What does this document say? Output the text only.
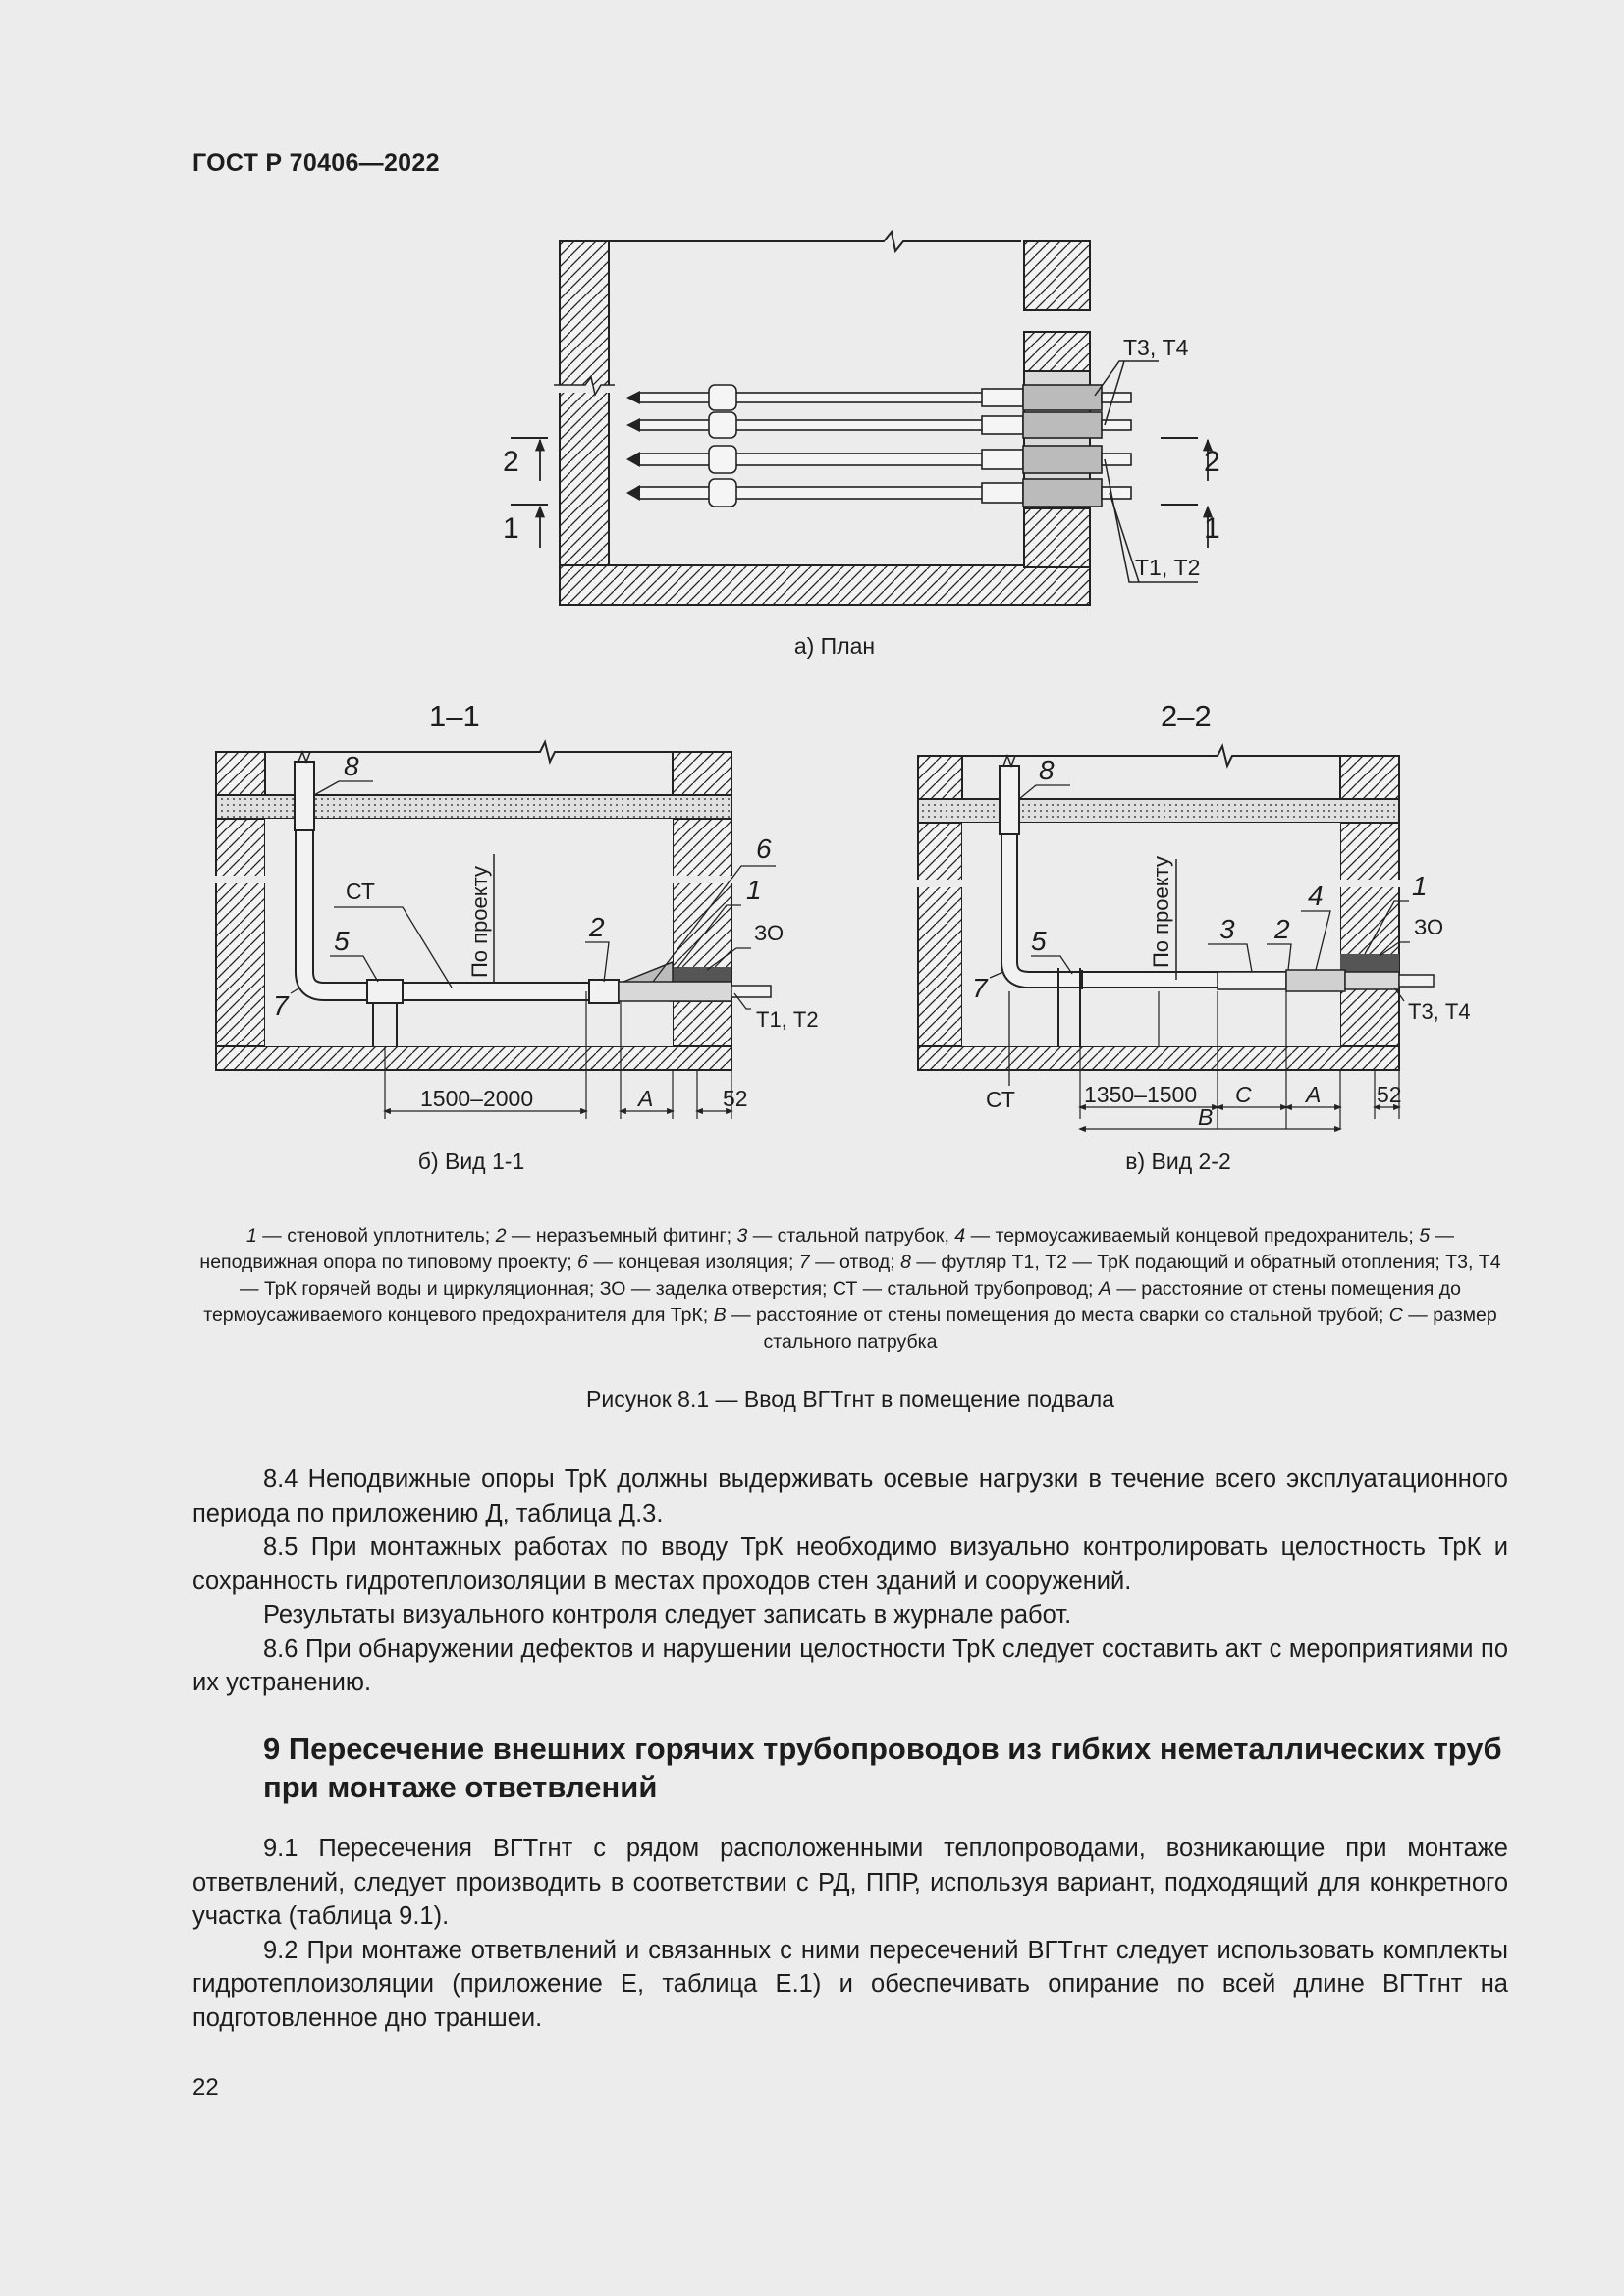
ГОСТ Р 70406—2022
Т3, Т4
Т1, Т2
2
1
2
1
а) План
1–1
По проекту
СТ
8
5
7
2
6
1
ЗО
Т1, Т2
1500–2000	А	52
б) Вид 1-1
2–2
По проекту
8
5
7
СТ
3 2
4	1
ЗО
Т3, Т4
1350–1500 С А
В
52
в) Вид 2-2
1 — стеновой уплотнитель; 2 — неразъемный фитинг; 3 — стальной патрубок, 4 — термоусаживаемый концевой предохранитель; 5 — неподвижная опора по типовому проекту; 6 — концевая изоляция; 7 — отвод; 8 — футляр Т1, Т2 — ТрК подающий и обратный отопления; Т3, Т4 — ТрК горячей воды и циркуляционная; ЗО — заделка отверстия; СТ — стальной трубопровод; А — расстояние от стены помещения до термоусаживаемого концевого предохранителя для ТрК; В — расстояние от стены помещения до места сварки со стальной трубой; С — размер стального патрубка
Рисунок 8.1 — Ввод ВГТгнт в помещение подвала

8.4 Неподвижные опоры ТрК должны выдерживать осевые нагрузки в течение всего эксплуатационного периода по приложению Д, таблица Д.3.

8.5 При монтажных работах по вводу ТрК необходимо визуально контролировать целостность ТрК и сохранность гидротеплоизоляции в местах проходов стен зданий и сооружений.

Результаты визуального контроля следует записать в журнале работ.

8.6 При обнаружении дефектов и нарушении целостности ТрК следует составить акт с мероприятиями по их устранению.

9 Пересечение внешних горячих трубопроводов из гибких неметаллических труб при монтаже ответвлений

9.1 Пересечения ВГТгнт с рядом расположенными теплопроводами, возникающие при монтаже ответвлений, следует производить в соответствии с РД, ППР, используя вариант, подходящий для конкретного участка (таблица 9.1).

9.2 При монтаже ответвлений и связанных с ними пересечений ВГТгнт следует использовать комплекты гидротеплоизоляции (приложение Е, таблица Е.1) и обеспечивать опирание по всей длине ВГТгнт на подготовленное дно траншеи.

22
